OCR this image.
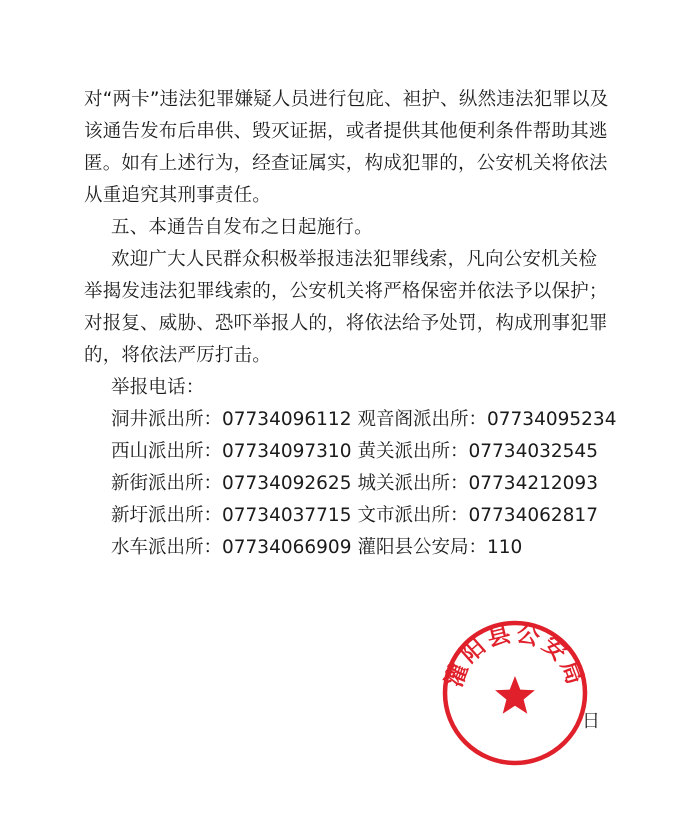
对“两卡”违法犯罪嫌疑人员进行包庇、袒护、纵然违法犯罪以及
该通告发布后串供、毁灭证据，或者提供其他便利条件帮助其逃
匿。如有上述行为，经查证属实，构成犯罪的，公安机关将依法
从重追究其刑事责任。
五、本通告自发布之日起施行。
欢迎广大人民群众积极举报违法犯罪线索，凡向公安机关检
举揭发违法犯罪线索的，公安机关将严格保密并依法予以保护；
对报复、威胁、恐吓举报人的，将依法给予处罚，构成刑事犯罪
的，将依法严厉打击。
举报电话：
洞井派出所：07734096112 观音阁派出所：07734095234
西山派出所：07734097310 黄关派出所：07734032545
新街派出所：07734092625 城关派出所：07734212093
新圩派出所：07734037715 文市派出所：07734062817
水车派出所：07734066909 灌阳县公安局：110
灌阳县公安局
日
